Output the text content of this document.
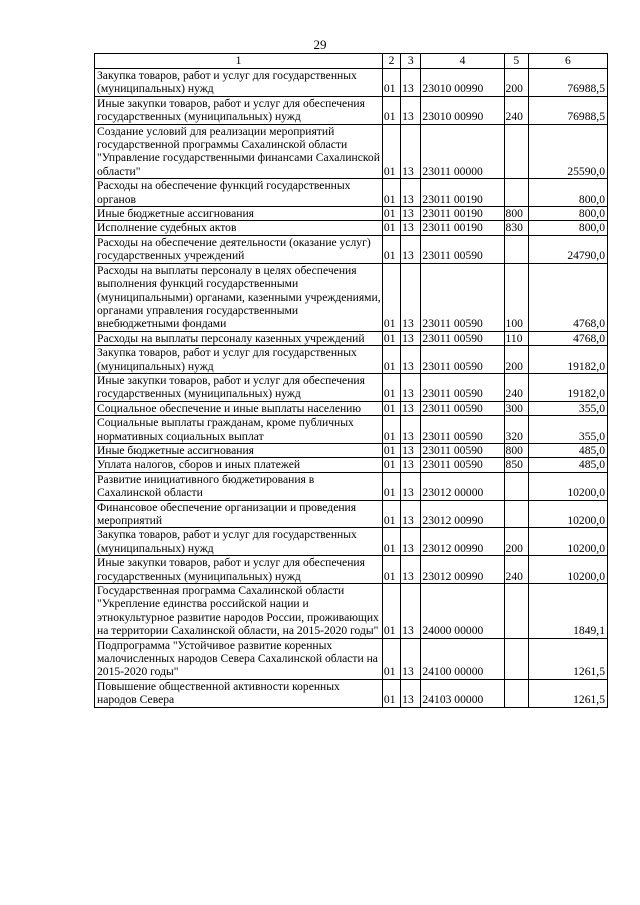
29
1	2	3	4	5	6
Закупка товаров, работ и услуг для государственных (муниципальных) нужд	01	13	23010 00990	200	76988,5
Иные закупки товаров, работ и услуг для обеспечения государственных (муниципальных) нужд	01	13	23010 00990	240	76988,5
Создание условий для реализации мероприятий государственной программы Сахалинской области "Управление государственными финансами Сахалинской области"	01	13	23011 00000		25590,0
Расходы на обеспечение функций государственных органов	01	13	23011 00190		800,0
Иные бюджетные ассигнования	01	13	23011 00190	800	800,0
Исполнение судебных актов	01	13	23011 00190	830	800,0
Расходы на обеспечение деятельности (оказание услуг) государственных учреждений	01	13	23011 00590		24790,0
Расходы на выплаты персоналу в целях обеспечения выполнения функций государственными (муниципальными) органами, казенными учреждениями, органами управления государственными внебюджетными фондами	01	13	23011 00590	100	4768,0
Расходы на выплаты персоналу казенных учреждений	01	13	23011 00590	110	4768,0
Закупка товаров, работ и услуг для государственных (муниципальных) нужд	01	13	23011 00590	200	19182,0
Иные закупки товаров, работ и услуг для обеспечения государственных (муниципальных) нужд	01	13	23011 00590	240	19182,0
Социальное обеспечение и иные выплаты населению	01	13	23011 00590	300	355,0
Социальные выплаты гражданам, кроме публичных нормативных социальных выплат	01	13	23011 00590	320	355,0
Иные бюджетные ассигнования	01	13	23011 00590	800	485,0
Уплата налогов, сборов и иных платежей	01	13	23011 00590	850	485,0
Развитие инициативного бюджетирования в Сахалинской области	01	13	23012 00000		10200,0
Финансовое обеспечение организации и проведения мероприятий	01	13	23012 00990		10200,0
Закупка товаров, работ и услуг для государственных (муниципальных) нужд	01	13	23012 00990	200	10200,0
Иные закупки товаров, работ и услуг для обеспечения государственных (муниципальных) нужд	01	13	23012 00990	240	10200,0
Государственная программа Сахалинской области "Укрепление единства российской нации и этнокультурное развитие народов России, проживающих на территории Сахалинской области, на 2015-2020 годы"	01	13	24000 00000		1849,1
Подпрограмма "Устойчивое развитие коренных малочисленных народов Севера Сахалинской области на 2015-2020 годы"	01	13	24100 00000		1261,5
Повышение общественной активности коренных народов Севера	01	13	24103 00000		1261,5
